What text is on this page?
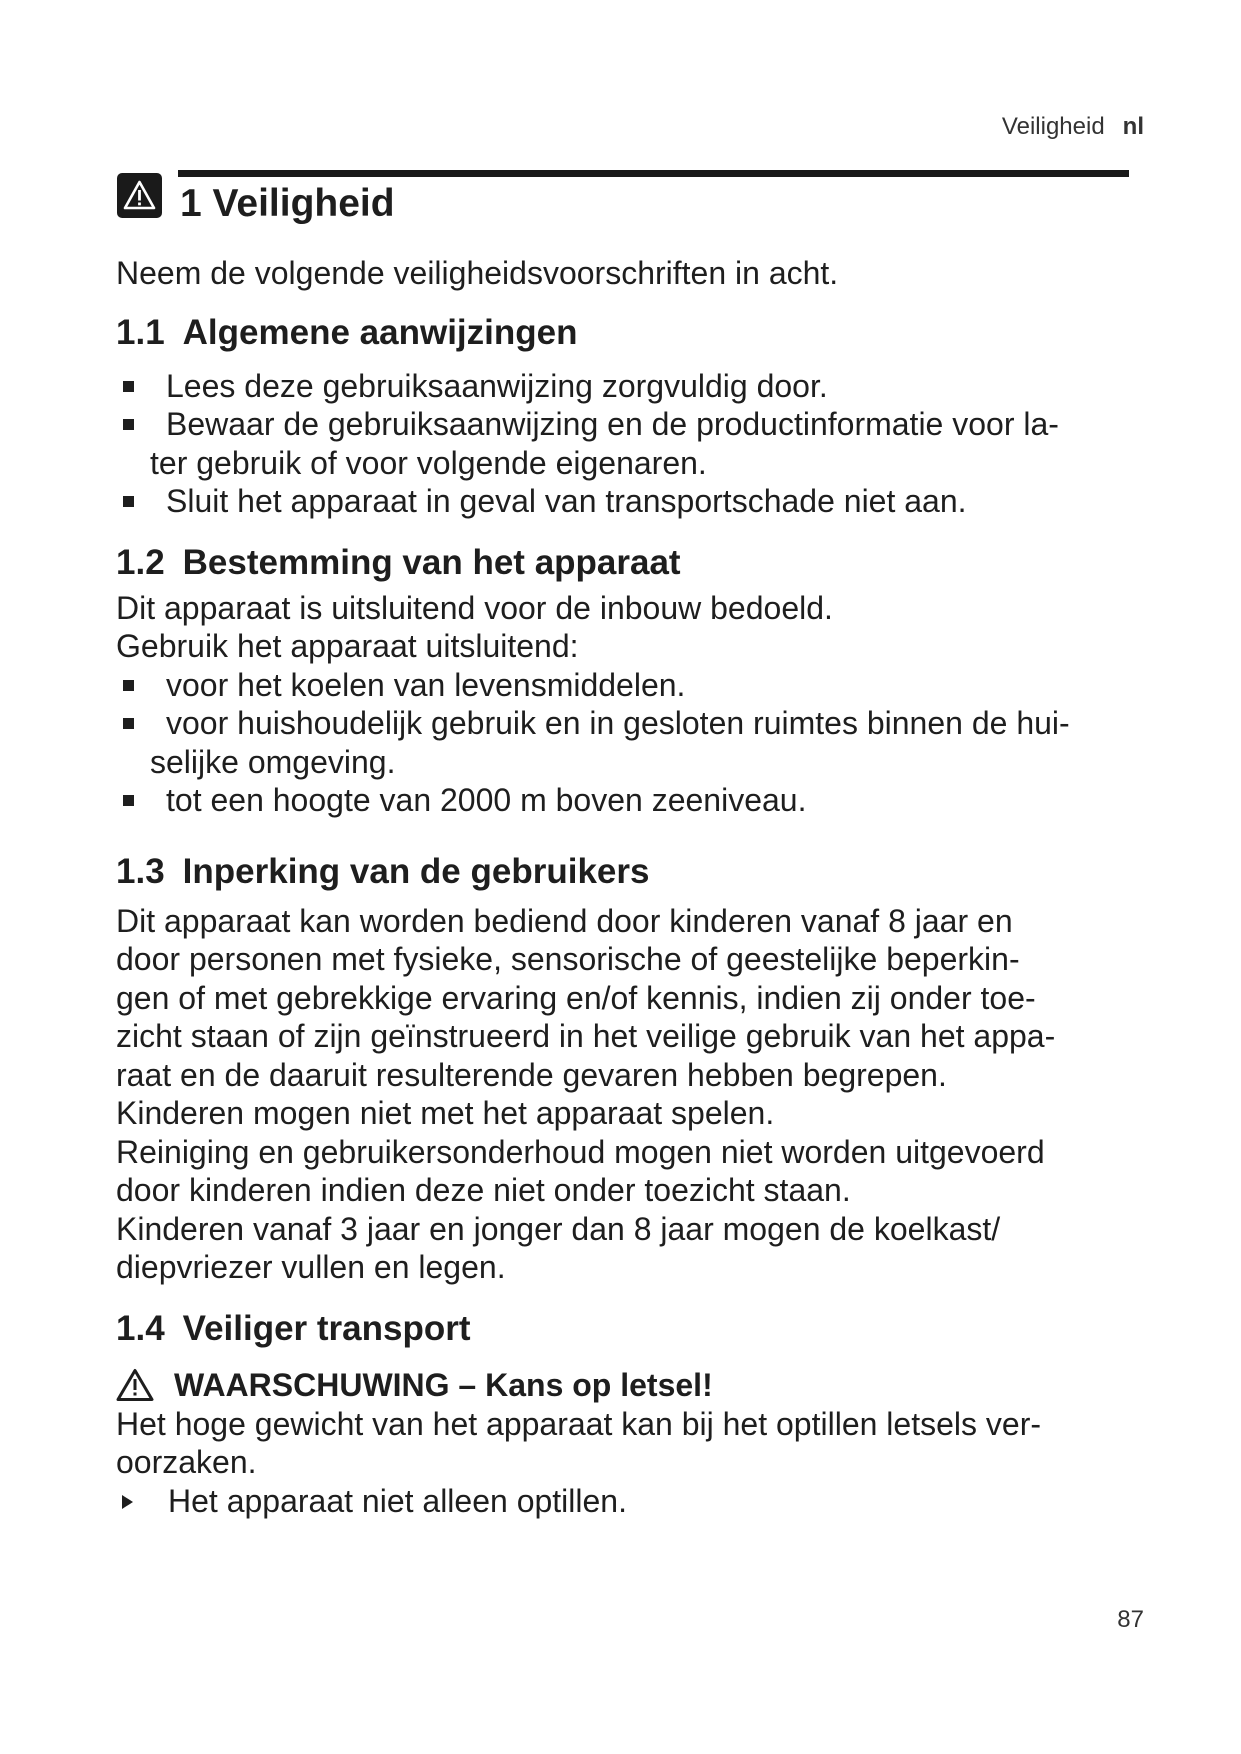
Veiligheid nl
1 Veiligheid

Neem de volgende veiligheidsvoorschriften in acht.

1.1 Algemene aanwijzingen
Lees deze gebruiksaanwijzing zorgvuldig door.
Bewaar de gebruiksaanwijzing en de productinformatie voor la-
ter gebruik of voor volgende eigenaren.
Sluit het apparaat in geval van transportschade niet aan.
1.2 Bestemming van het apparaat

Dit apparaat is uitsluitend voor de inbouw bedoeld.

Gebruik het apparaat uitsluitend:

voor het koelen van levensmiddelen.
voor huishoudelijk gebruik en in gesloten ruimtes binnen de hui-
selijke omgeving.
tot een hoogte van 2000 m boven zeeniveau.
1.3 Inperking van de gebruikers

Dit apparaat kan worden bediend door kinderen vanaf 8 jaar en

door personen met fysieke, sensorische of geestelijke beperkin-

gen of met gebrekkige ervaring en/of kennis, indien zij onder toe-

zicht staan of zijn geïnstrueerd in het veilige gebruik van het appa-

raat en de daaruit resulterende gevaren hebben begrepen.

Kinderen mogen niet met het apparaat spelen.

Reiniging en gebruikersonderhoud mogen niet worden uitgevoerd

door kinderen indien deze niet onder toezicht staan.

Kinderen vanaf 3 jaar en jonger dan 8 jaar mogen de koelkast/

diepvriezer vullen en legen.

1.4 Veiliger transport
WAARSCHUWING – Kans op letsel!

Het hoge gewicht van het apparaat kan bij het optillen letsels ver-

oorzaken.

Het apparaat niet alleen optillen.
87
